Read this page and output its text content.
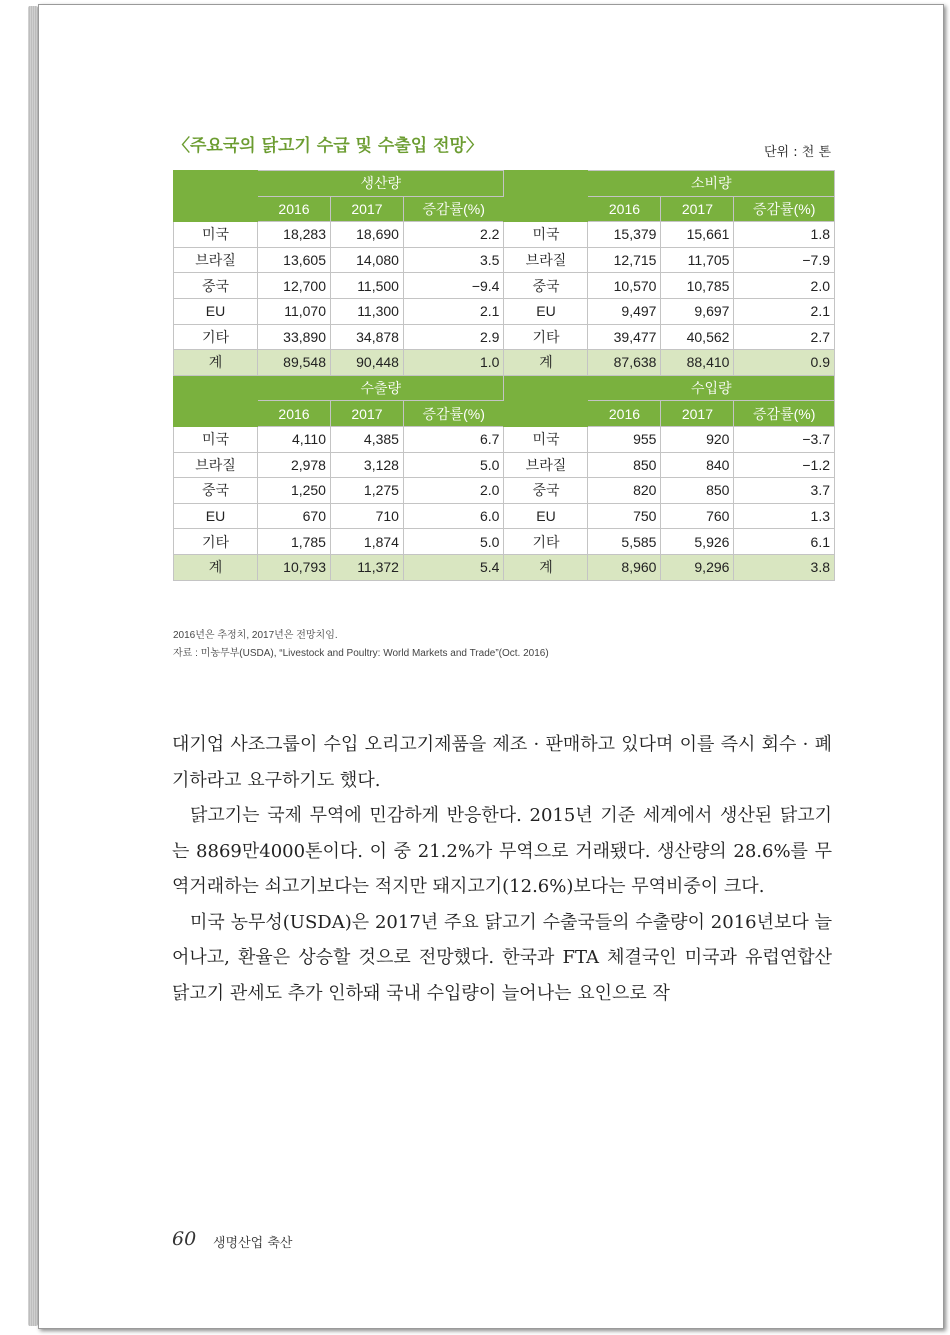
〈주요국의 닭고기 수급 및 수출입 전망〉	단위 : 천 톤
	생산량				소비량		
	2016	2017	증감률(%)		2016	2017	증감률(%)
미국	18,283	18,690	2.2	미국	15,379	15,661	1.8
브라질	13,605	14,080	3.5	브라질	12,715	11,705	−7.9
중국	12,700	11,500	−9.4	중국	10,570	10,785	2.0
EU	11,070	11,300	2.1	EU	9,497	9,697	2.1
기타	33,890	34,878	2.9	기타	39,477	40,562	2.7
계	89,548	90,448	1.0	계	87,638	88,410	0.9
	수출량				수입량		
	2016	2017	증감률(%)		2016	2017	증감률(%)
미국	4,110	4,385	6.7	미국	955	920	−3.7
브라질	2,978	3,128	5.0	브라질	850	840	−1.2
중국	1,250	1,275	2.0	중국	820	850	3.7
EU	670	710	6.0	EU	750	760	1.3
기타	1,785	1,874	5.0	기타	5,585	5,926	6.1
계	10,793	11,372	5.4	계	8,960	9,296	3.8
2016년은 추정치, 2017년은 전망치임.
자료 : 미농무부(USDA), “Livestock and Poultry: World Markets and Trade”(Oct. 2016)

대기업 사조그룹이 수입 오리고기제품을 제조 · 판매하고 있다며 이를 즉시 회수 · 폐기하라고 요구하기도 했다.

닭고기는 국제 무역에 민감하게 반응한다. 2015년 기준 세계에서 생산된 닭고기는 8869만4000톤이다. 이 중 21.2%가 무역으로 거래됐다. 생산량의 28.6%를 무역거래하는 쇠고기보다는 적지만 돼지고기(12.6%)보다는 무역비중이 크다.

미국 농무성(USDA)은 2017년 주요 닭고기 수출국들의 수출량이 2016년보다 늘어나고, 환율은 상승할 것으로 전망했다. 한국과 FTA 체결국인 미국과 유럽연합산 닭고기 관세도 추가 인하돼 국내 수입량이 늘어나는 요인으로 작

60 생명산업 축산
